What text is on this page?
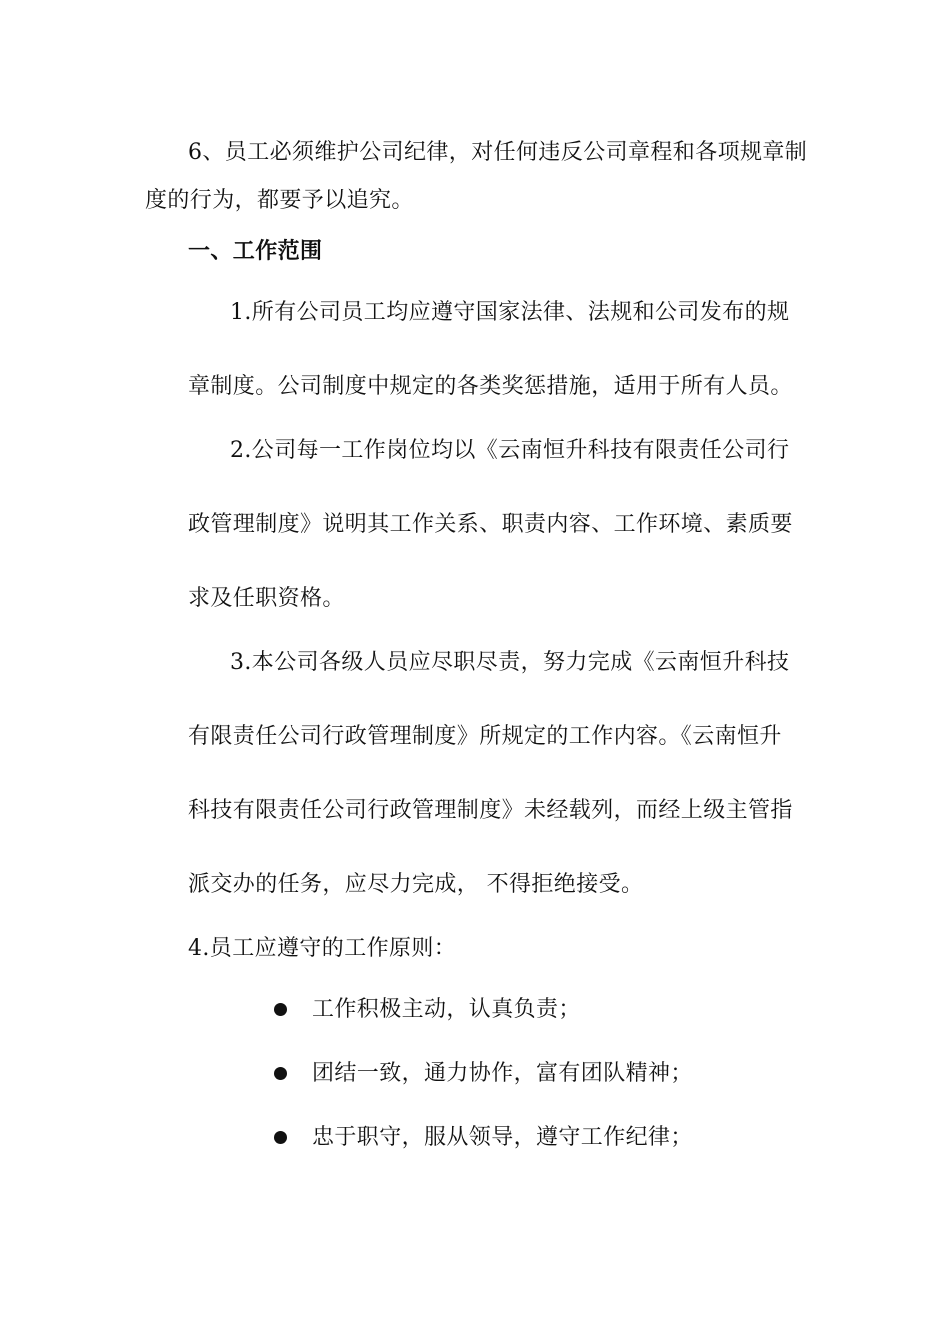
6、员工必须维护公司纪律，对任何违反公司章程和各项规章制
度的行为，都要予以追究。
一、工作范围
1.所有公司员工均应遵守国家法律、法规和公司发布的规
章制度。公司制度中规定的各类奖惩措施，适用于所有人员。
2.公司每一工作岗位均以《云南恒升科技有限责任公司行
政管理制度》说明其工作关系、职责内容、工作环境、素质要
求及任职资格。
3.本公司各级人员应尽职尽责，努力完成《云南恒升科技
有限责任公司行政管理制度》所规定的工作内容。《云南恒升
科技有限责任公司行政管理制度》未经载列，而经上级主管指
派交办的任务，应尽力完成， 不得拒绝接受。
4.员工应遵守的工作原则：
工作积极主动，认真负责；
团结一致，通力协作，富有团队精神；
忠于职守，服从领导，遵守工作纪律；
